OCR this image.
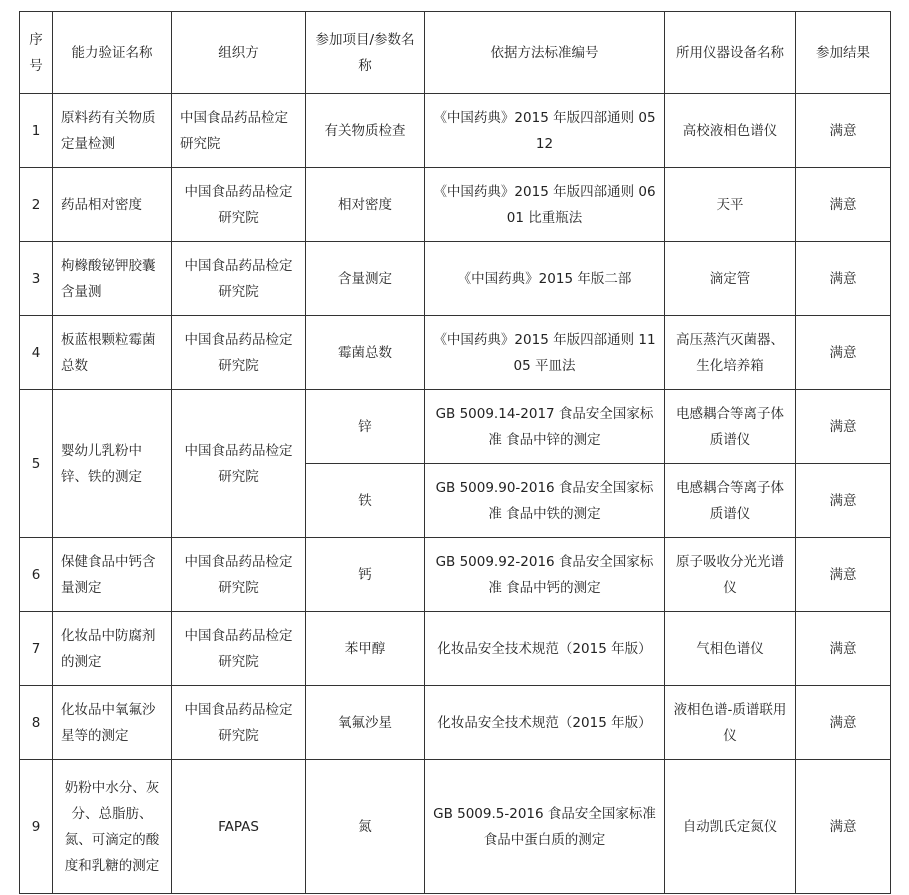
序号	能力验证名称	组织方	参加项目/参数名称	依据方法标准编号	所用仪器设备名称	参加结果
1	原料药有关物质定量检测	中国食品药品检定研究院	有关物质检查	《中国药典》2015 年版四部通则 0512	高校液相色谱仪	满意
2	药品相对密度	中国食品药品检定研究院	相对密度	《中国药典》2015 年版四部通则 0601 比重瓶法	天平	满意
3	枸橼酸铋钾胶囊含量测	中国食品药品检定研究院	含量测定	《中国药典》2015 年版二部	滴定管	满意
4	板蓝根颗粒霉菌总数	中国食品药品检定研究院	霉菌总数	《中国药典》2015 年版四部通则 1105 平皿法	高压蒸汽灭菌器、生化培养箱	满意
5	婴幼儿乳粉中锌、铁的测定	中国食品药品检定研究院	锌	GB 5009.14-2017 食品安全国家标准 食品中锌的测定	电感耦合等离子体质谱仪	满意
			铁	GB 5009.90-2016 食品安全国家标准 食品中铁的测定	电感耦合等离子体质谱仪	满意
6	保健食品中钙含量测定	中国食品药品检定研究院	钙	GB 5009.92-2016 食品安全国家标准 食品中钙的测定	原子吸收分光光谱仪	满意
7	化妆品中防腐剂的测定	中国食品药品检定研究院	苯甲醇	化妆品安全技术规范（2015 年版）	气相色谱仪	满意
8	化妆品中氧氟沙星等的测定	中国食品药品检定研究院	氧氟沙星	化妆品安全技术规范（2015 年版）	液相色谱-质谱联用仪	满意
9	奶粉中水分、灰分、总脂肪、氮、可滴定的酸度和乳糖的测定	FAPAS	氮	GB 5009.5-2016 食品安全国家标准 食品中蛋白质的测定	自动凯氏定氮仪	满意
